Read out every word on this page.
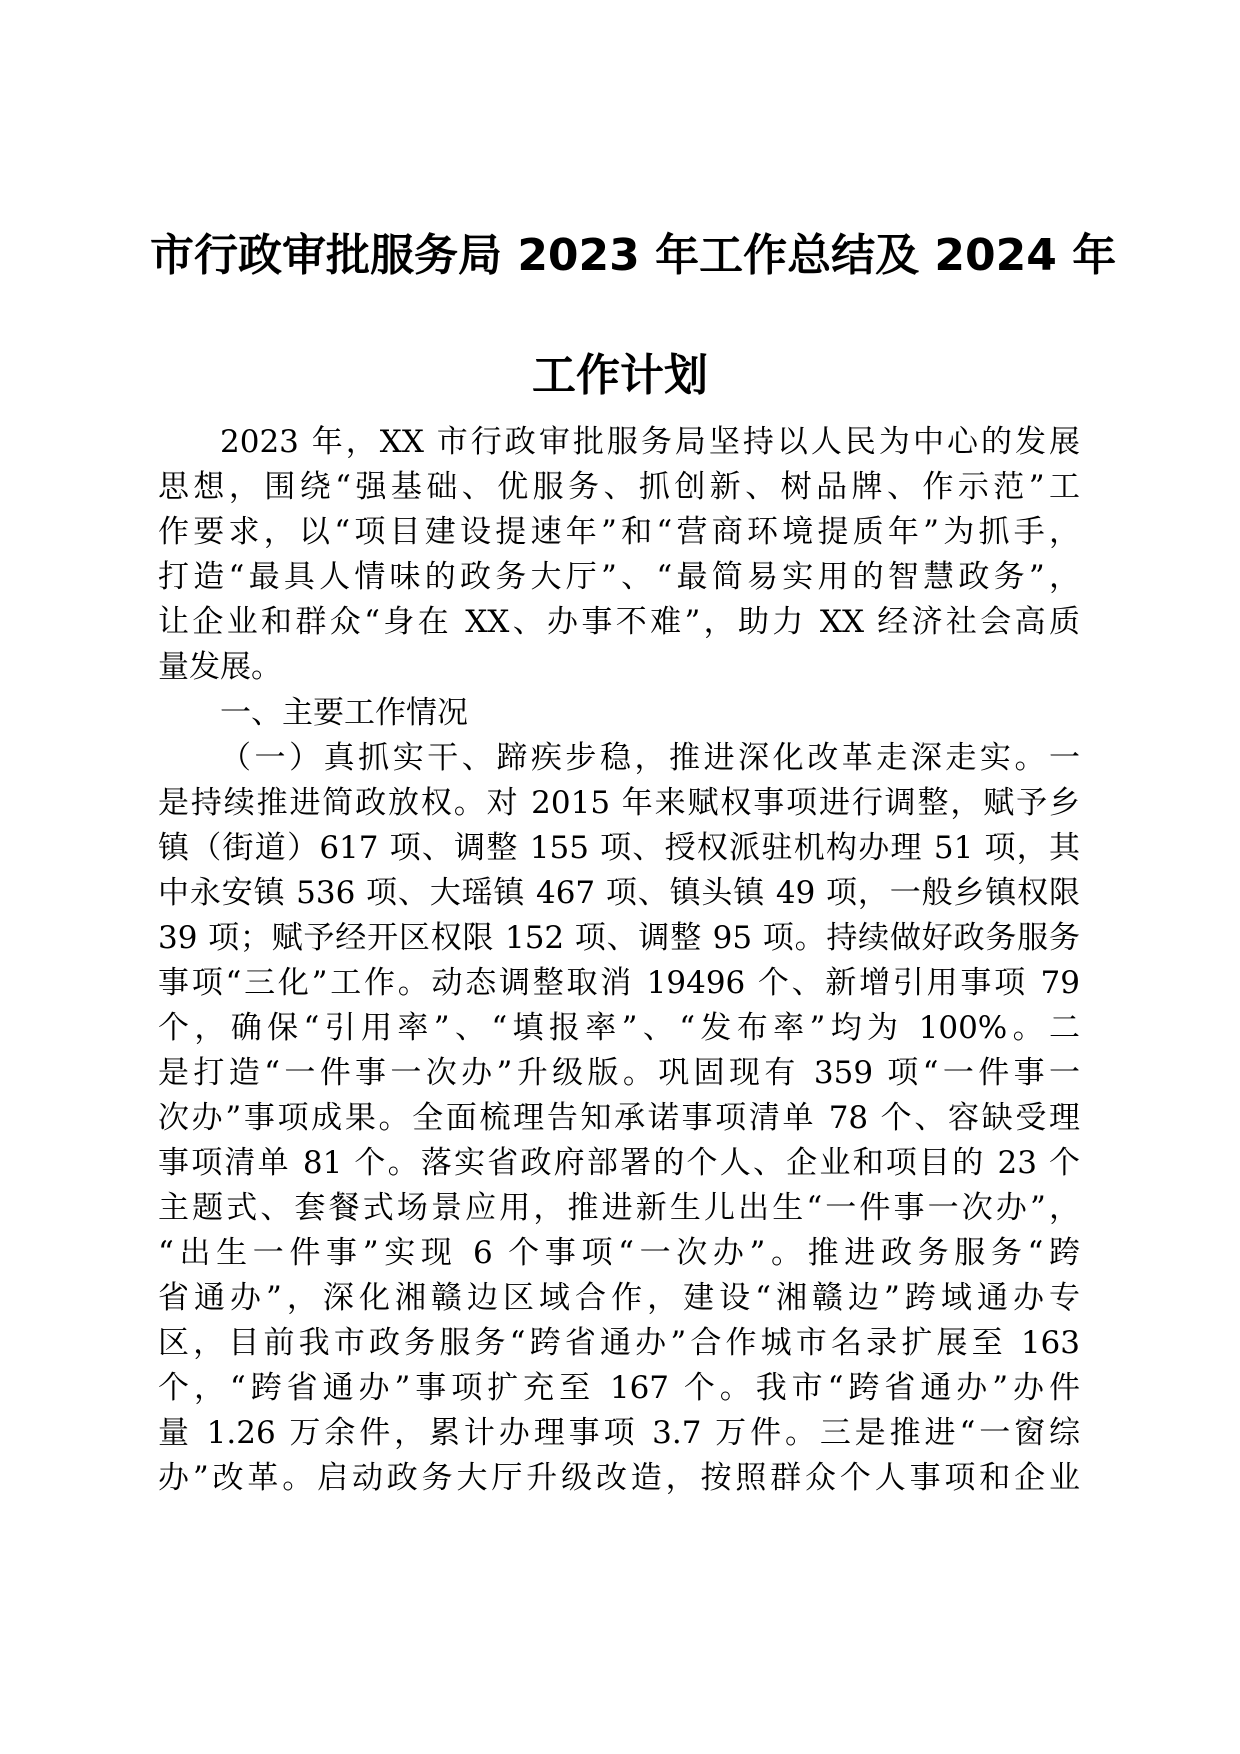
市行政审批服务局 2023 年工作总结及 2024 年
工作计划
2023 年，XX 市行政审批服务局坚持以人民为中心的发展
思想，围绕“强基础、优服务、抓创新、树品牌、作示范”工
作要求，以“项目建设提速年”和“营商环境提质年”为抓手，
打造“最具人情味的政务大厅”、“最简易实用的智慧政务”，
让企业和群众“身在 XX、办事不难”，助力 XX 经济社会高质
量发展。
一、主要工作情况
（一）真抓实干、蹄疾步稳，推进深化改革走深走实。一
是持续推进简政放权。对 2015 年来赋权事项进行调整，赋予乡
镇（街道）617 项、调整 155 项、授权派驻机构办理 51 项，其
中永安镇 536 项、大瑶镇 467 项、镇头镇 49 项，一般乡镇权限
39 项；赋予经开区权限 152 项、调整 95 项。持续做好政务服务
事项“三化”工作。动态调整取消 19496 个、新增引用事项 79
个，确保“引用率”、“填报率”、“发布率”均为 100%。二
是打造“一件事一次办”升级版。巩固现有 359 项“一件事一
次办”事项成果。全面梳理告知承诺事项清单 78 个、容缺受理
事项清单 81 个。落实省政府部署的个人、企业和项目的 23 个
主题式、套餐式场景应用，推进新生儿出生“一件事一次办”，
“出生一件事”实现 6 个事项“一次办”。推进政务服务“跨
省通办”，深化湘赣边区域合作，建设“湘赣边”跨域通办专
区，目前我市政务服务“跨省通办”合作城市名录扩展至 163
个，“跨省通办”事项扩充至 167 个。我市“跨省通办”办件
量 1.26 万余件，累计办理事项 3.7 万件。三是推进“一窗综
办”改革。启动政务大厅升级改造，按照群众个人事项和企业
